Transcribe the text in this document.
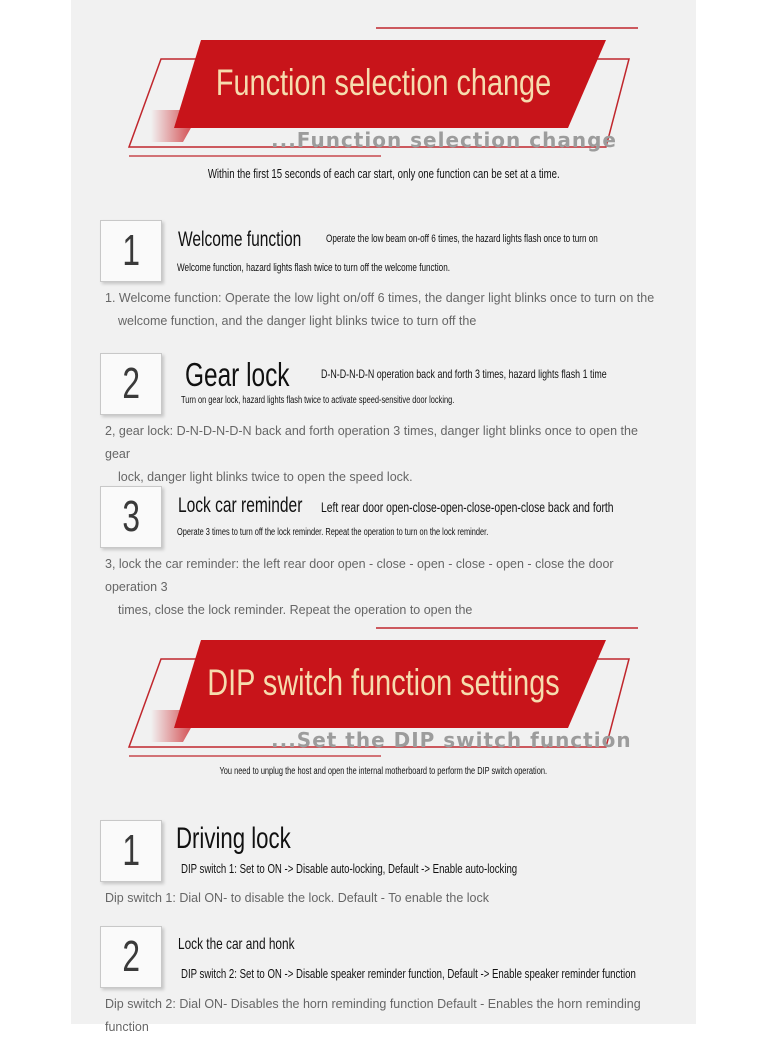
Function selection change
...Function selection change
Within the first 15 seconds of each car start, only one function can be set at a time.
1 Welcome function Operate the low beam on-off 6 times, the hazard lights flash once to turn on
Welcome function, hazard lights flash twice to turn off the welcome function.
1. Welcome function: Operate the low light on/off 6 times, the danger light blinks once to turn on the
welcome function, and the danger light blinks twice to turn off the
2 Gear lock	D-N-D-N-D-N operation back and forth 3 times, hazard lights flash 1 time
Turn on gear lock, hazard lights flash twice to activate speed-sensitive door locking.
2, gear lock: D-N-D-N-D-N back and forth operation 3 times, danger light blinks once to open the gear
lock, danger light blinks twice to open the speed lock.
3 Lock car reminder Left rear door open-close-open-close-open-close back and forth
Operate 3 times to turn off the lock reminder. Repeat the operation to turn on the lock reminder.
3, lock the car reminder: the left rear door open - close - open - close - open - close the door operation 3
times, close the lock reminder. Repeat the operation to open the
DIP switch function settings
...Set the DIP switch function
You need to unplug the host and open the internal motherboard to perform the DIP switch operation.
1 Driving lock
DIP switch 1: Set to ON -> Disable auto-locking, Default -> Enable auto-locking
Dip switch 1: Dial ON- to disable the lock. Default - To enable the lock
2 Lock the car and honk
DIP switch 2: Set to ON -> Disable speaker reminder function, Default -> Enable speaker reminder function
Dip switch 2: Dial ON- Disables the horn reminding function Default - Enables the horn reminding function
